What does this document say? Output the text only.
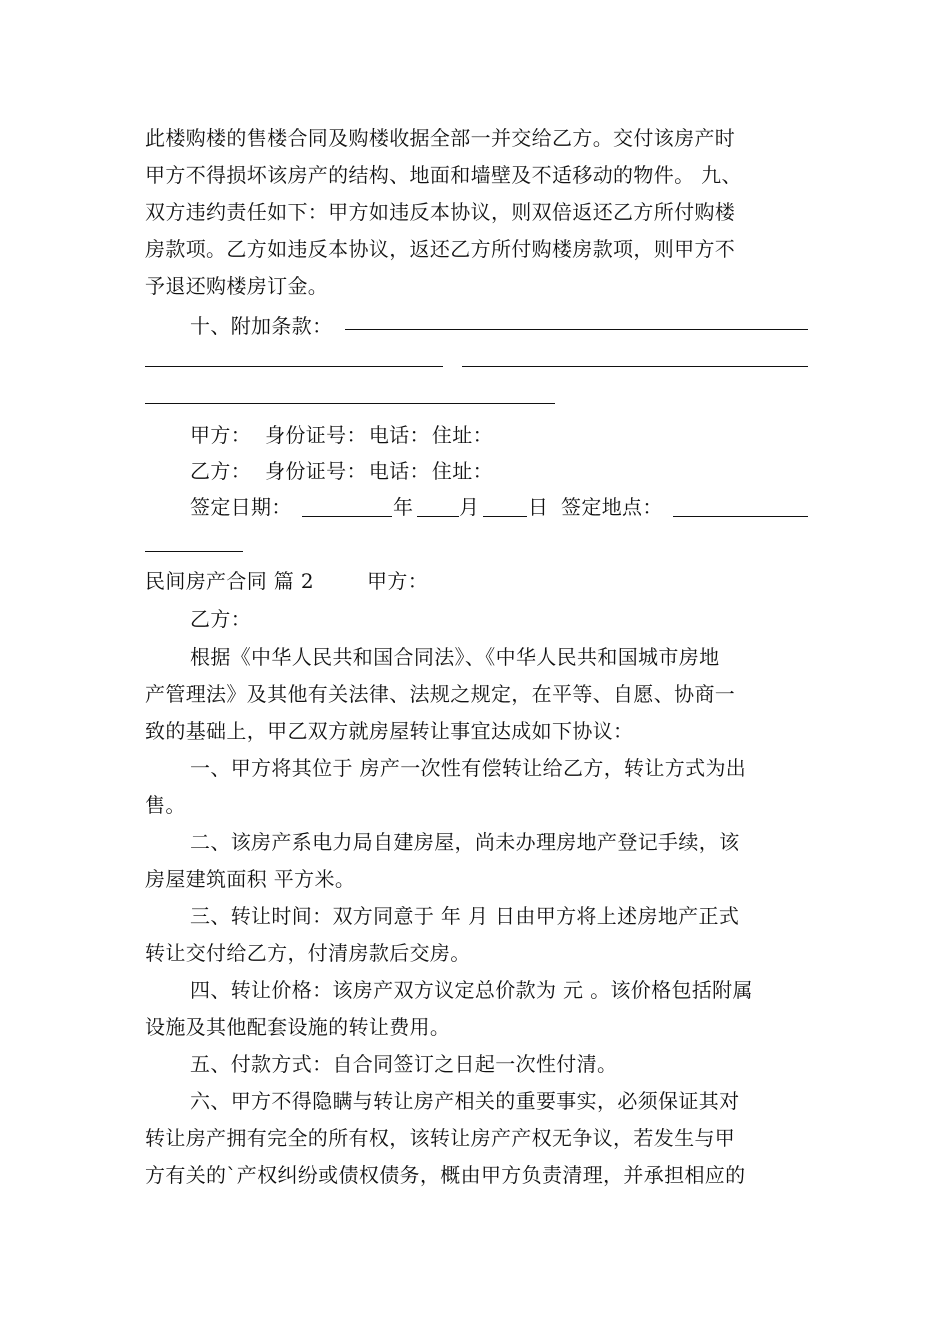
此楼购楼的售楼合同及购楼收据全部一并交给乙方。交付该房产时
甲方不得损坏该房产的结构、地面和墙壁及不适移动的物件。 九、
双方违约责任如下：甲方如违反本协议，则双倍返还乙方所付购楼
房款项。乙方如违反本协议，返还乙方所付购楼房款项，则甲方不
予退还购楼房订金。
十、附加条款：
甲方： 身份证号： 电话： 住址：
乙方： 身份证号： 电话： 住址：
签定日期：	年 月 日 签定地点：
民间房产合同 篇 2	甲方：
乙方：
根据《中华人民共和国合同法》、《中华人民共和国城市房地
产管理法》及其他有关法律、法规之规定，在平等、自愿、协商一
致的基础上，甲乙双方就房屋转让事宜达成如下协议：
一、甲方将其位于 房产一次性有偿转让给乙方，转让方式为出
售。
二、该房产系电力局自建房屋，尚未办理房地产登记手续，该
房屋建筑面积 平方米。
三、转让时间：双方同意于 年 月 日由甲方将上述房地产正式
转让交付给乙方，付清房款后交房。
四、转让价格：该房产双方议定总价款为 元 。该价格包括附属
设施及其他配套设施的转让费用。
五、付款方式：自合同签订之日起一次性付清。
六、甲方不得隐瞒与转让房产相关的重要事实，必须保证其对
转让房产拥有完全的所有权，该转让房产产权无争议，若发生与甲
方有关的`产权纠纷或债权债务，概由甲方负责清理，并承担相应的
